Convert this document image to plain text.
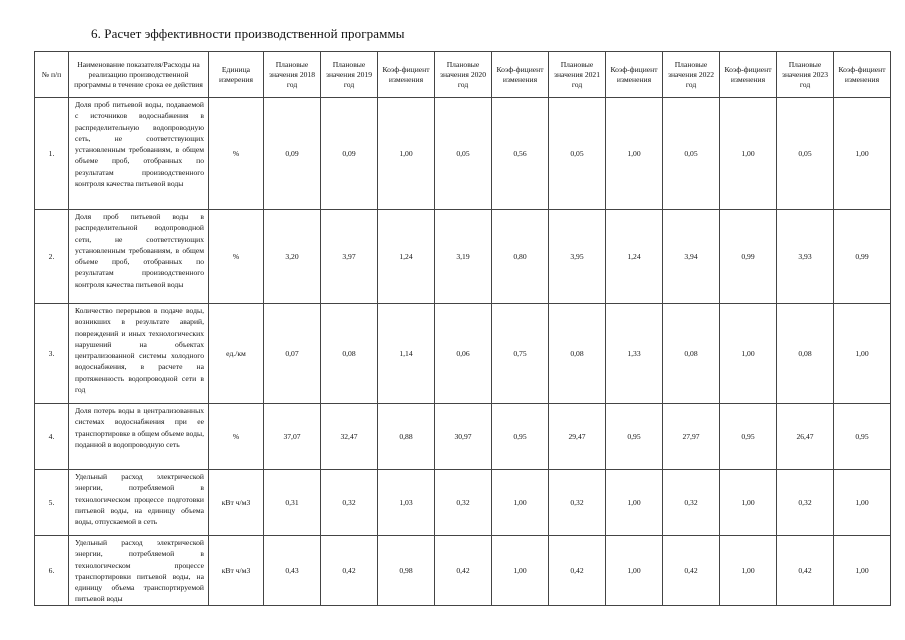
6. Расчет эффективности производственной программы
№ п/п	Наименование показателя/Расходы на реализацию производственной программы в течение срока ее действия	Единица измерения	Плановые значения 2018 год	Плановые значения 2019 год	Коэф-фициент изменения	Плановые значения 2020 год	Коэф-фициент изменения	Плановые значения 2021 год	Коэф-фициент изменения	Плановые значения 2022 год	Коэф-фициент изменения	Плановые значения 2023 год	Коэф-фициент изменения
1.	Доля проб питьевой воды, подаваемой с источников водоснабжения в распределительную водопроводную сеть, не соответствующих установленным требованиям, в общем объеме проб, отобранных по результатам производственного контроля качества питьевой воды	%	0,09	0,09	1,00	0,05	0,56	0,05	1,00	0,05	1,00	0,05	1,00
2.	Доля проб питьевой воды в распределительной водопроводной сети, не соответствующих установленным требованиям, в общем объеме проб, отобранных по результатам производственного контроля качества питьевой воды	%	3,20	3,97	1,24	3,19	0,80	3,95	1,24	3,94	0,99	3,93	0,99
3.	Количество перерывов в подаче воды, возникших в результате аварий, повреждений и иных технологических нарушений на объектах централизованной системы холодного водоснабжения, в расчете на протяженность водопроводной сети в год	ед./км	0,07	0,08	1,14	0,06	0,75	0,08	1,33	0,08	1,00	0,08	1,00
4.	Доля потерь воды в централизованных системах водоснабжения при ее транспортировке в общем объеме воды, поданной в водопроводную сеть	%	37,07	32,47	0,88	30,97	0,95	29,47	0,95	27,97	0,95	26,47	0,95
5.	Удельный расход электрической энергии, потребляемой в технологическом процессе подготовки питьевой воды, на единицу объема воды, отпускаемой в сеть	кВт ч/м3	0,31	0,32	1,03	0,32	1,00	0,32	1,00	0,32	1,00	0,32	1,00
6.	Удельный расход электрической энергии, потребляемой в технологическом процессе транспортировки питьевой воды, на единицу объема транспортируемой питьевой воды	кВт ч/м3	0,43	0,42	0,98	0,42	1,00	0,42	1,00	0,42	1,00	0,42	1,00
